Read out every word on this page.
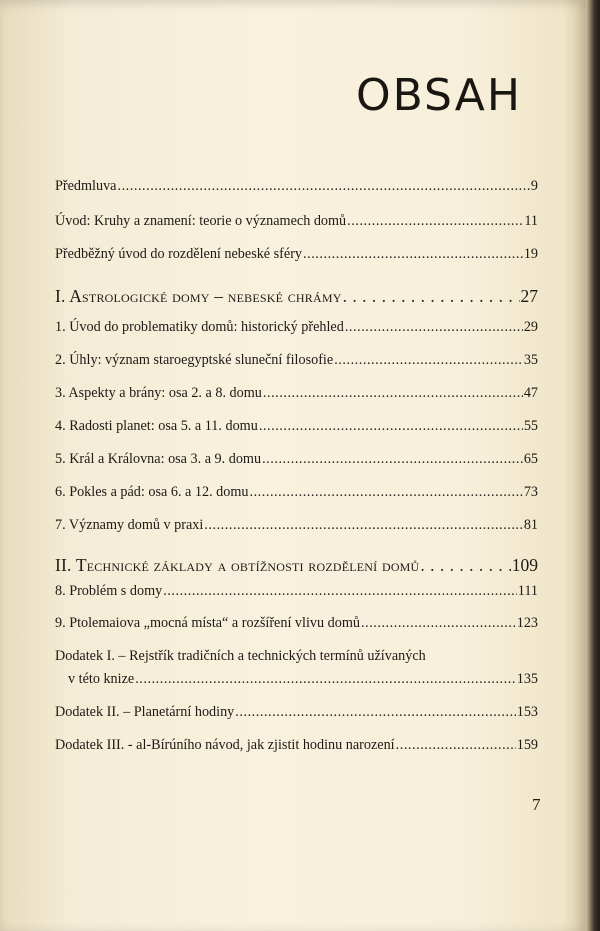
OBSAH
Předmluva . . .	9
Úvod: Kruhy a znamení: teorie o významech domů . . .	11
Předběžný úvod do rozdělení nebeské sféry . . .	19
I. Astrologické domy – nebeské chrámy . . .	27
1. Úvod do problematiky domů: historický přehled . . .	29
2. Úhly: význam staroegyptské sluneční filosofie . . .	35
3. Aspekty a brány: osa 2. a 8. domu . . .	47
4. Radosti planet: osa 5. a 11. domu . . .	55
5. Král a Královna: osa 3. a 9. domu . . .	65
6. Pokles a pád: osa 6. a 12. domu . . .	73
7. Významy domů v praxi . . .	81
II. Technické základy a obtížnosti rozdělení domů . . .	109
8. Problém s domy . . .	111
9. Ptolemaiova „mocná místa“ a rozšíření vlivu domů . . .	123
Dodatek I. – Rejstřík tradičních a technických termínů užívaných
v této knize . . .	135
Dodatek II. – Planetární hodiny . . .	153
Dodatek III. - al-Bírúního návod, jak zjistit hodinu narození . . .	159
7
